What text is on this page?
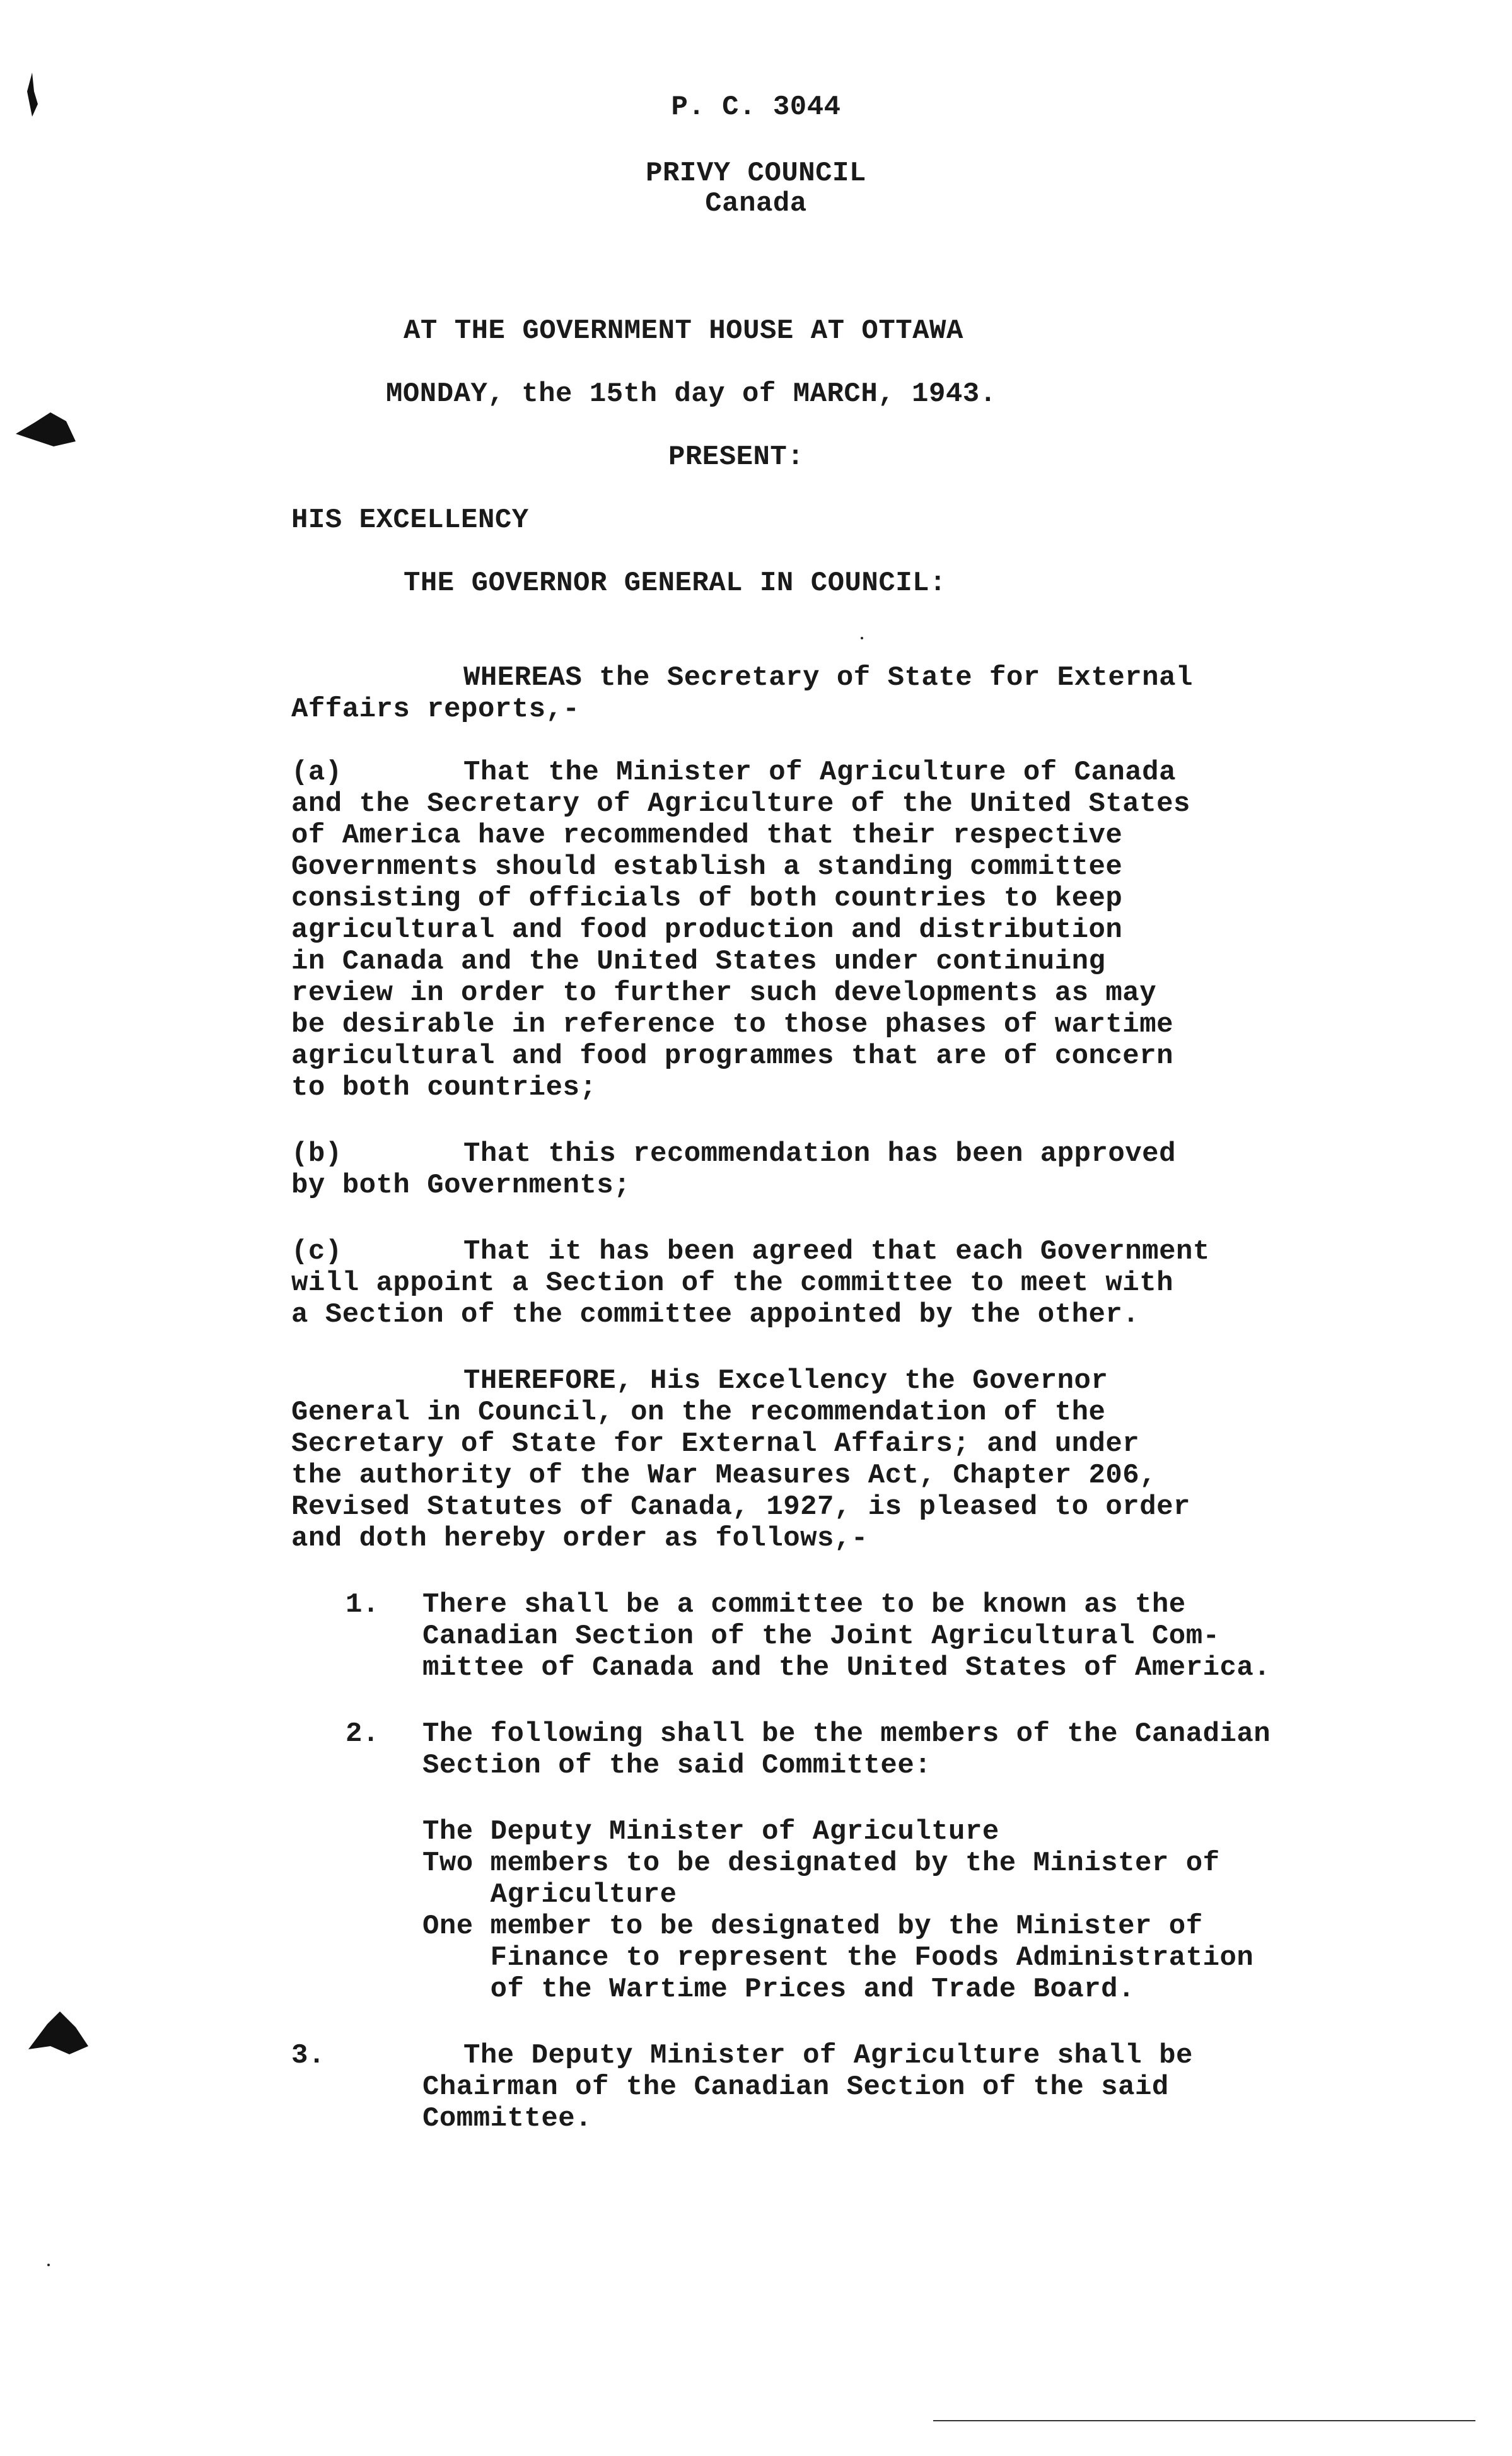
P. C. 3044
PRIVY COUNCIL
Canada
AT THE GOVERNMENT HOUSE AT OTTAWA
MONDAY, the 15th day of MARCH, 1943.
PRESENT:
HIS EXCELLENCY
THE GOVERNOR GENERAL IN COUNCIL:
WHEREAS the Secretary of State for External
Affairs reports,-
(a)	That the Minister of Agriculture of Canada
and the Secretary of Agriculture of the United States
of America have recommended that their respective
Governments should establish a standing committee
consisting of officials of both countries to keep
agricultural and food production and distribution
in Canada and the United States under continuing
review in order to further such developments as may
be desirable in reference to those phases of wartime
agricultural and food programmes that are of concern
to both countries;
(b)	That this recommendation has been approved
by both Governments;
(c)	That it has been agreed that each Government
will appoint a Section of the committee to meet with
a Section of the committee appointed by the other.
THEREFORE, His Excellency the Governor
General in Council, on the recommendation of the
Secretary of State for External Affairs; and under
the authority of the War Measures Act, Chapter 206,
Revised Statutes of Canada, 1927, is pleased to order
and doth hereby order as follows,-
1. There shall be a committee to be known as the
Canadian Section of the Joint Agricultural Com-
mittee of Canada and the United States of America.
2. The following shall be the members of the Canadian
Section of the said Committee:
The Deputy Minister of Agriculture
Two members to be designated by the Minister of
Agriculture
One member to be designated by the Minister of
Finance to represent the Foods Administration
of the Wartime Prices and Trade Board.
3.	The Deputy Minister of Agriculture shall be
Chairman of the Canadian Section of the said
Committee.
